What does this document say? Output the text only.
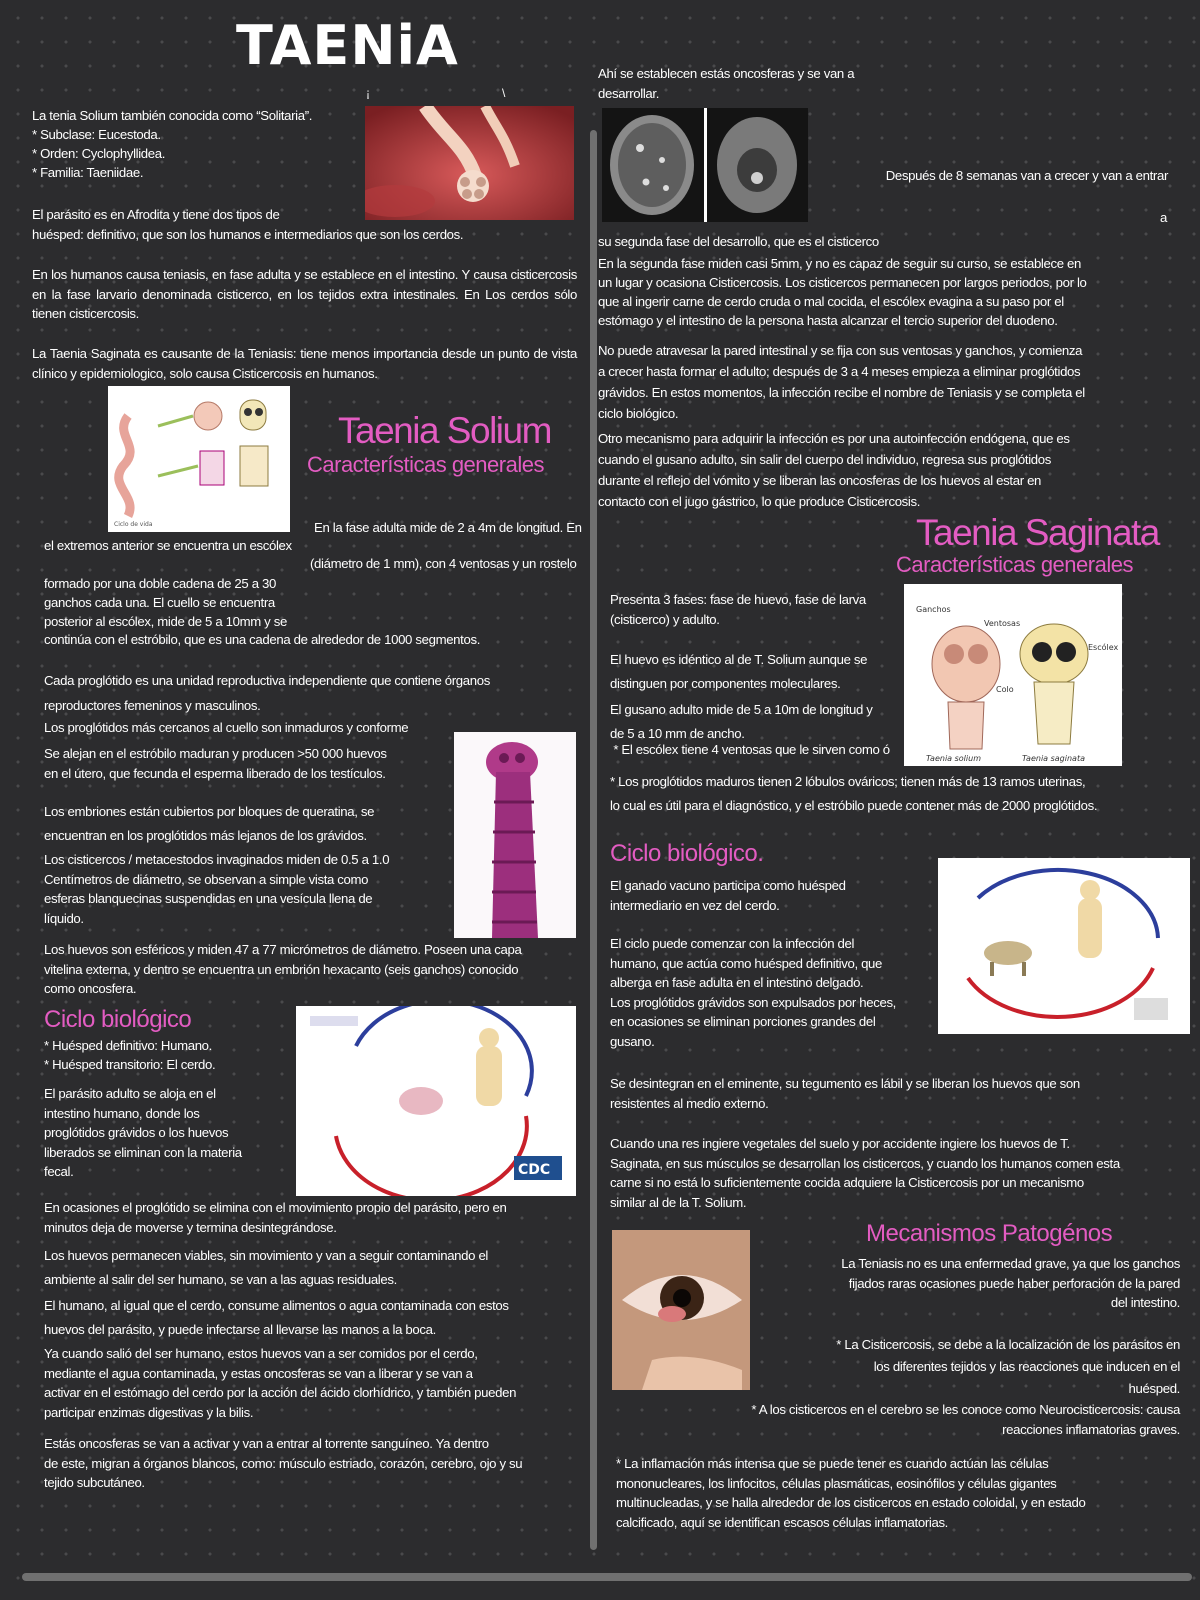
TAENiA
¡	\
La tenia Solium también conocida como “Solitaria”.
* Subclase: Eucestoda.
* Orden: Cyclophyllidea.
* Familia: Taeniidae.
El parásito es en Afrodita y tiene dos tipos de
huésped: definitivo, que son los humanos e intermediarios que son los cerdos.
En los humanos causa teniasis, en fase adulta y se establece en el intestino. Y causa cisticercosis en la fase larvario denominada cisticerco, en los tejidos extra intestinales. En Los cerdos sólo tienen cisticercosis.
La Taenia Saginata es causante de la Teniasis: tiene menos importancia desde un punto de vista clínico y epidemiologico, solo causa Cisticercosis en humanos.
Ciclo de vida
Taenia Solium
Características generales
En la fase adulta mide de 2 a 4m de longitud. En
el extremos anterior se encuentra un escólex
(diámetro de 1 mm), con 4 ventosas y un rostelo
formado por una doble cadena de 25 a 30
ganchos cada una. El cuello se encuentra
posterior al escólex, mide de 5 a 10mm y se
continúa con el estróbilo, que es una cadena de alrededor de 1000 segmentos.
Cada proglótido es una unidad reproductiva independiente que contiene órganos
reproductores femeninos y masculinos.
Los proglótidos más cercanos al cuello son inmaduros y conforme
Se alejan en el estróbilo maduran y producen >50 000 huevos
en el útero, que fecunda el esperma liberado de los testículos.
Los embriones están cubiertos por bloques de queratina, se
encuentran en los proglótidos más lejanos de los grávidos.
Los cisticercos / metacestodos invaginados miden de 0.5 a 1.0
Centímetros de diámetro, se observan a simple vista como
esferas blanquecinas suspendidas en una vesícula llena de
líquido.
Los huevos son esféricos y miden 47 a 77 micrómetros de diámetro. Poseen una capa
vitelina externa, y dentro se encuentra un embrión hexacanto (seis ganchos) conocido
como oncosfera.
Ciclo biológico
* Huésped definitivo: Humano.
* Huésped transitorio: El cerdo.
CDC
El parásito adulto se aloja en el
intestino humano, donde los
proglótidos grávidos o los huevos
liberados se eliminan con la materia
fecal.
En ocasiones el proglótido se elimina con el movimiento propio del parásito, pero en
minutos deja de moverse y termina desintegrándose.
Los huevos permanecen viables, sin movimiento y van a seguir contaminando el
ambiente al salir del ser humano, se van a las aguas residuales.
El humano, al igual que el cerdo, consume alimentos o agua contaminada con estos
huevos del parásito, y puede infectarse al llevarse las manos a la boca.
Ya cuando salió del ser humano, estos huevos van a ser comidos por el cerdo,
mediante el agua contaminada, y estas oncosferas se van a liberar y se van a
activar en el estómago del cerdo por la acción del ácido clorhídrico, y también pueden
participar enzimas digestivas y la bilis.
Estás oncosferas se van a activar y van a entrar al torrente sanguíneo. Ya dentro
de este, migran a órganos blancos, como: músculo estriado, corazón, cerebro, ojo y su
tejido subcutáneo.
Ahí se establecen estás oncosferas y se van a
desarrollar.
Después de 8 semanas van a crecer y van a entrar
a
su segunda fase del desarrollo, que es el cisticerco
En la segunda fase miden casi 5mm, y no es capaz de seguir su curso, se establece en
un lugar y ocasiona Cisticercosis. Los cisticercos permanecen por largos periodos, por lo
que al ingerir carne de cerdo cruda o mal cocida, el escólex evagina a su paso por el
estómago y el intestino de la persona hasta alcanzar el tercio superior del duodeno.
No puede atravesar la pared intestinal y se fija con sus ventosas y ganchos, y comienza
a crecer hasta formar el adulto; después de 3 a 4 meses empieza a eliminar proglótidos
grávidos. En estos momentos, la infección recibe el nombre de Teniasis y se completa el
ciclo biológico.
Otro mecanismo para adquirir la infección es por una autoinfección endógena, que es
cuando el gusano adulto, sin salir del cuerpo del individuo, regresa sus proglótidos
durante el reflejo del vómito y se liberan las oncosferas de los huevos al estar en
contacto con el jugo gástrico, lo que produce Cisticercosis.
Taenia Saginata
Características generales
Presenta 3 fases: fase de huevo, fase de larva
(cisticerco) y adulto.
Ganchos
Ventosas
Escólex
Colo
Taenia solium	Taenia saginata
El huevo es idéntico al de T. Solium aunque se
distinguen por componentes moleculares.
El gusano adulto mide de 5 a 10m de longitud y
de 5 a 10 mm de ancho.
* El escólex tiene 4 ventosas que le sirven como ó
* Los proglótidos maduros tienen 2 lóbulos ováricos; tienen más de 13 ramos uterinas,
lo cual es útil para el diagnóstico, y el estróbilo puede contener más de 2000 proglótidos.
Ciclo biológico.
El ganado vacuno participa como huésped
intermediario en vez del cerdo.
El ciclo puede comenzar con la infección del
humano, que actúa como huésped definitivo, que
alberga en fase adulta en el intestino delgado.
Los proglótidos grávidos son expulsados por heces,
en ocasiones se eliminan porciones grandes del
gusano.
Se desintegran en el eminente, su tegumento es lábil y se liberan los huevos que son
resistentes al medio externo.
Cuando una res ingiere vegetales del suelo y por accidente ingiere los huevos de T.
Saginata, en sus músculos se desarrollan los cisticercos, y cuando los humanos comen esta
carne si no está lo suficientemente cocida adquiere la Cisticercosis por un mecanismo
similar al de la T. Solium.
Mecanismos Patogénos
La Teniasis no es una enfermedad grave, ya que los ganchos
fijados raras ocasiones puede haber perforación de la pared
del intestino.
* La Cisticercosis, se debe a la localización de los parásitos en
los diferentes tejidos y las reacciones que inducen en el
huésped.
* A los cisticercos en el cerebro se les conoce como Neurocisticercosis: causa
reacciones inflamatorias graves.
* La inflamación más intensa que se puede tener es cuando actúan las células
mononucleares, los linfocitos, células plasmáticas, eosinófilos y células gigantes
multinucleadas, y se halla alrededor de los cisticercos en estado coloidal, y en estado
calcificado, aquí se identifican escasos células inflamatorias.
